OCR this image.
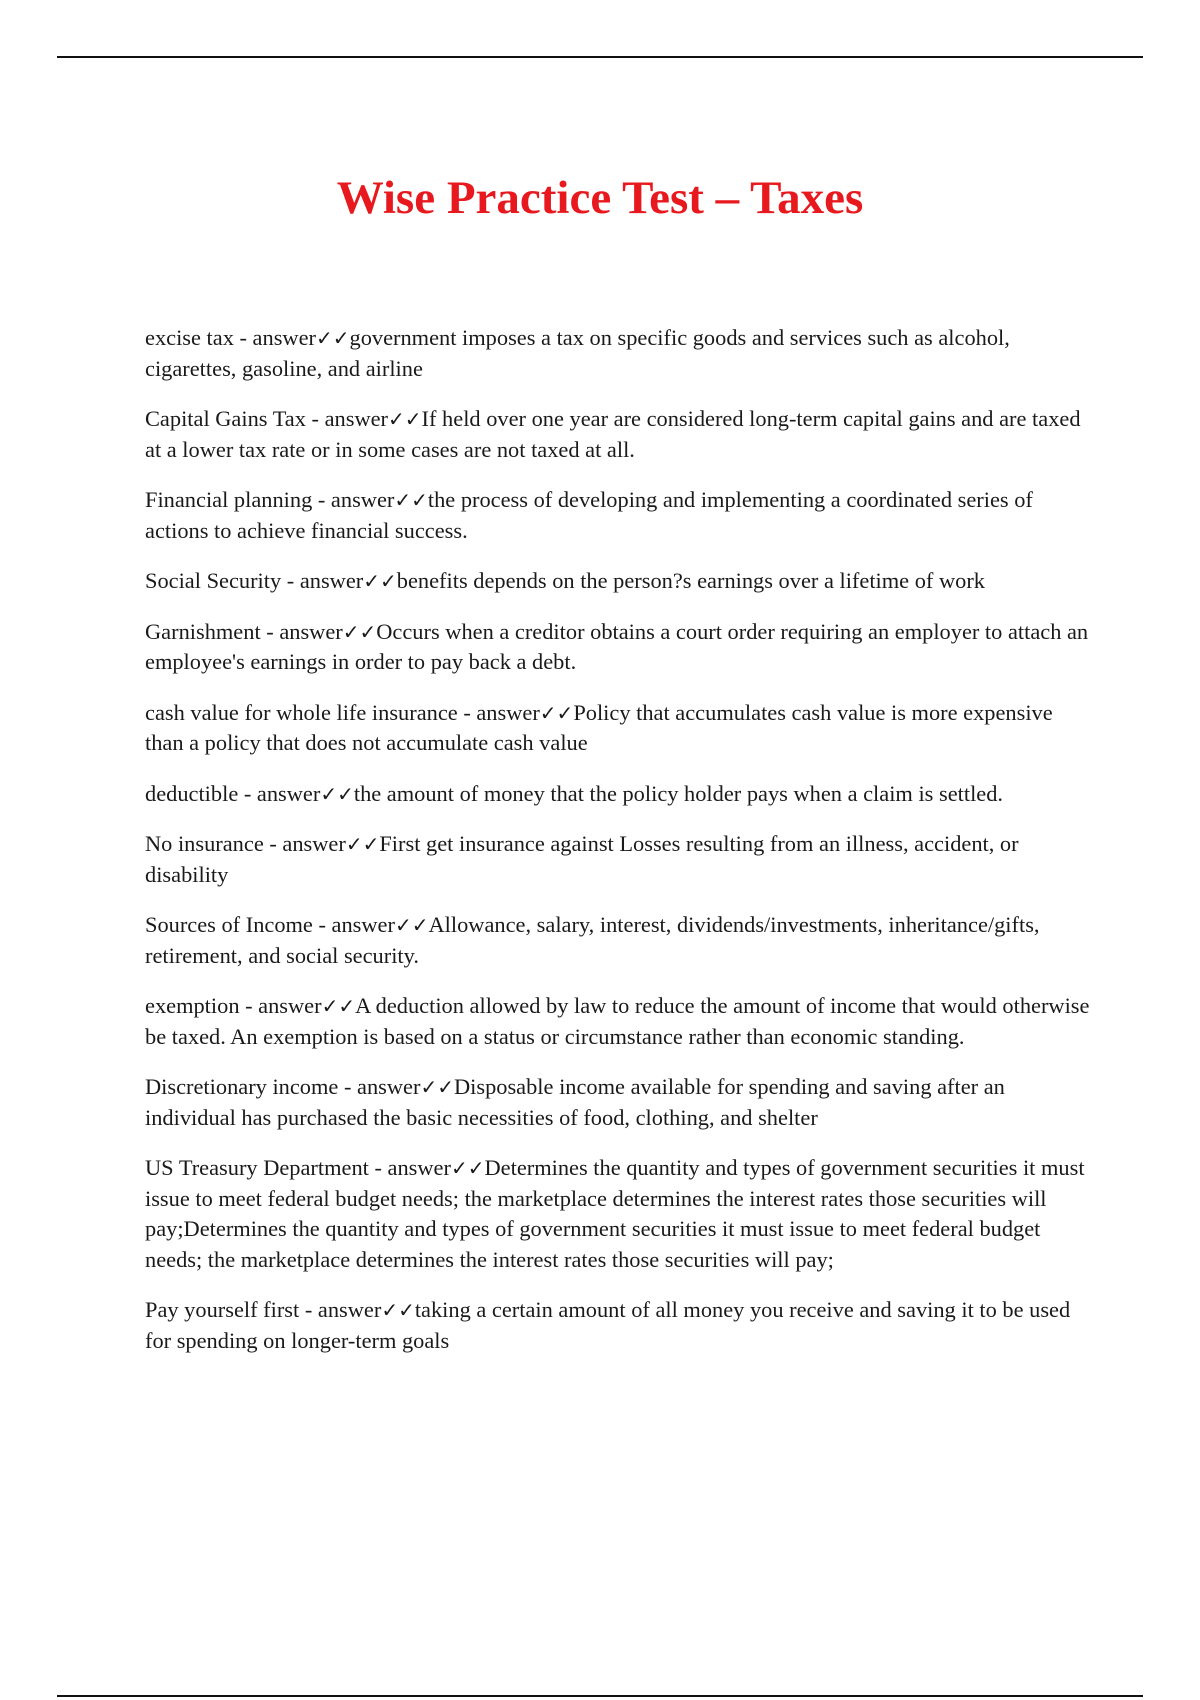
Wise Practice Test – Taxes

excise tax - answer✓✓government imposes a tax on specific goods and services such as alcohol, cigarettes, gasoline, and airline

Capital Gains Tax - answer✓✓If held over one year are considered long-term capital gains and are taxed at a lower tax rate or in some cases are not taxed at all.

Financial planning - answer✓✓the process of developing and implementing a coordinated series of actions to achieve financial success.

Social Security - answer✓✓benefits depends on the person?s earnings over a lifetime of work

Garnishment - answer✓✓Occurs when a creditor obtains a court order requiring an employer to attach an employee's earnings in order to pay back a debt.

cash value for whole life insurance - answer✓✓Policy that accumulates cash value is more expensive than a policy that does not accumulate cash value

deductible - answer✓✓the amount of money that the policy holder pays when a claim is settled.

No insurance - answer✓✓First get insurance against Losses resulting from an illness, accident, or disability

Sources of Income - answer✓✓Allowance, salary, interest, dividends/investments, inheritance/gifts, retirement, and social security.

exemption - answer✓✓A deduction allowed by law to reduce the amount of income that would otherwise be taxed. An exemption is based on a status or circumstance rather than economic standing.

Discretionary income - answer✓✓Disposable income available for spending and saving after an individual has purchased the basic necessities of food, clothing, and shelter

US Treasury Department - answer✓✓Determines the quantity and types of government securities it must issue to meet federal budget needs; the marketplace determines the interest rates those securities will pay;Determines the quantity and types of government securities it must issue to meet federal budget needs; the marketplace determines the interest rates those securities will pay;

Pay yourself first - answer✓✓taking a certain amount of all money you receive and saving it to be used for spending on longer-term goals
